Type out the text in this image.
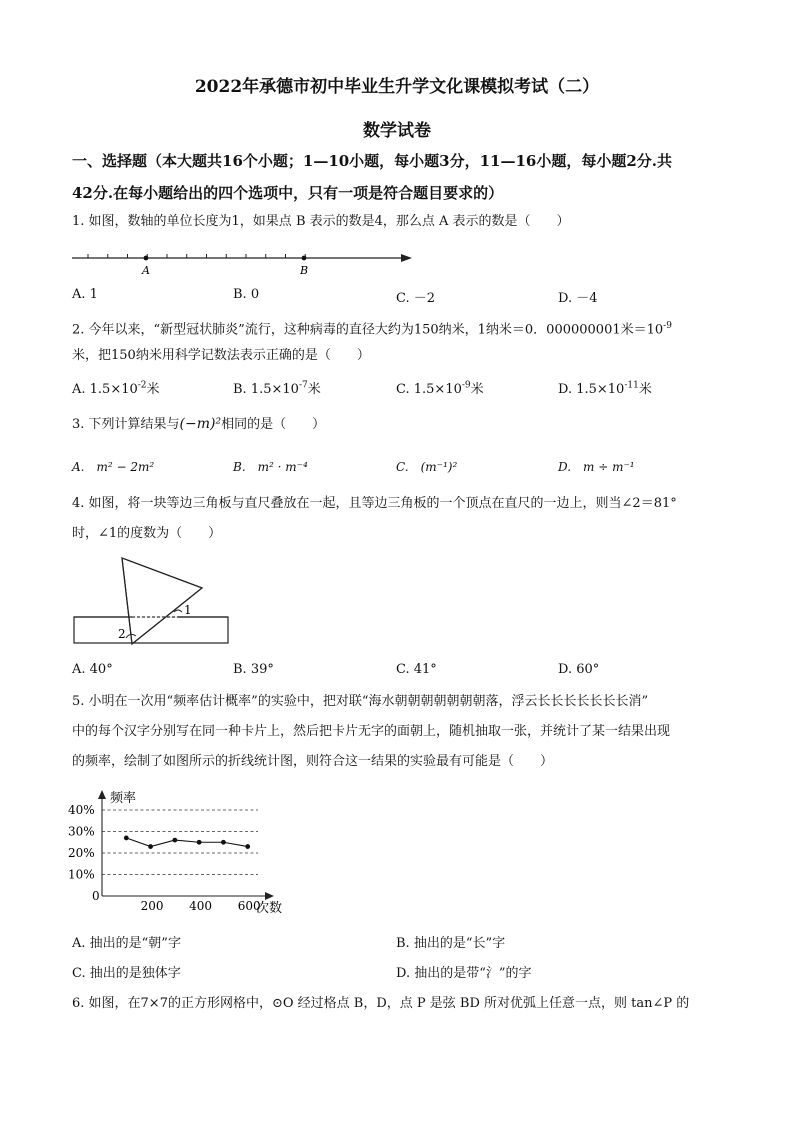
2022年承德市初中毕业生升学文化课模拟考试（二）
数学试卷
一、选择题（本大题共16个小题；1—10小题，每小题3分，11—16小题，每小题2分.共
42分.在每小题给出的四个选项中，只有一项是符合题目要求的）
1. 如图，数轴的单位长度为1，如果点 B 表示的数是4，那么点 A 表示的数是（　　）
A	B
A. 1	B. 0	C. －2	D. －4
2. 今年以来，“新型冠状肺炎”流行，这种病毒的直径大约为150纳米，1纳米＝0．000000001米$=10^{-9}$
米，把150纳米用科学记数法表示正确的是（　　）
A. $1.5\times 10^{-2}$米	B. $1.5\times 10^{-7}$米	C. $1.5\times 10^{-9}$米	D. $1.5\times 10^{-11}$米
3. 下列计算结果与(−m)²相同的是（　　）
A.　m² − 2m²	B.　m² · m⁻⁴	C.　(m⁻¹)²	D.　m ÷ m⁻¹
4. 如图，将一块等边三角板与直尺叠放在一起，且等边三角板的一个顶点在直尺的一边上，则当∠2＝81°
时，∠1的度数为（　　）
1
2
A. 40°	B. 39°	C. 41°	D. 60°
5. 小明在一次用“频率估计概率”的实验中，把对联“海水朝朝朝朝朝朝朝落，浮云长长长长长长长消”
中的每个汉字分别写在同一种卡片上，然后把卡片无字的面朝上，随机抽取一张，并统计了某一结果出现
的频率，绘制了如图所示的折线统计图，则符合这一结果的实验最有可能是（　　）
频率
次数
0
40%
30%
20%
10%
200 400 600
A. 抽出的是“朝”字	B. 抽出的是“长”字
C. 抽出的是独体字	D. 抽出的是带“氵”的字
6. 如图，在7×7的正方形网格中，⊙O 经过格点 B，D，点 P 是弦 BD 所对优弧上任意一点，则 tan∠P 的
